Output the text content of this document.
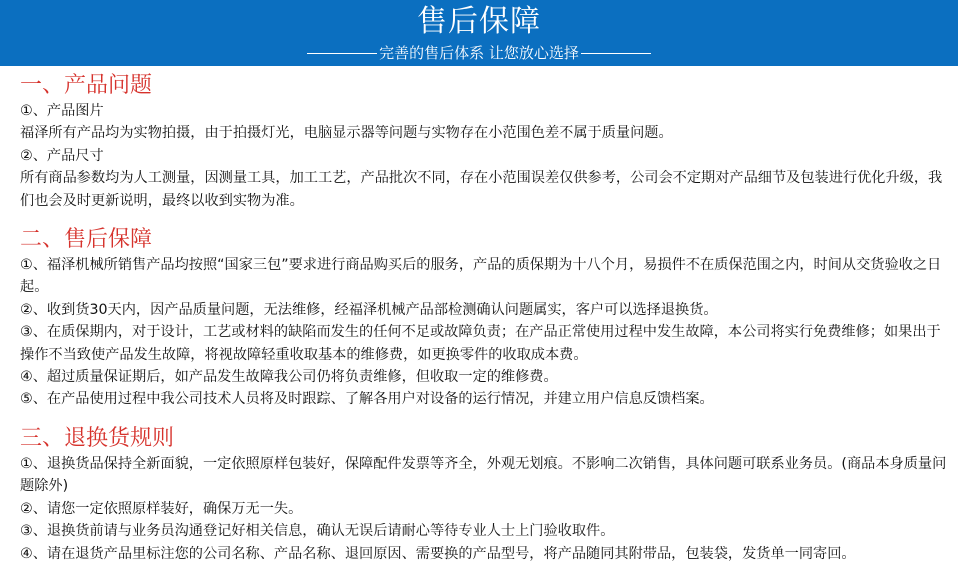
售后保障
完善的售后体系 让您放心选择
一、产品问题

①、产品图片

福泽所有产品均为实物拍摄，由于拍摄灯光，电脑显示器等问题与实物存在小范围色差不属于质量问题。

②、产品尺寸

所有商品参数均为人工测量，因测量工具，加工工艺，产品批次不同，存在小范围误差仅供参考，公司会不定期对产品细节及包装进行优化升级，我们也会及时更新说明，最终以收到实物为准。

二、售后保障

①、福泽机械所销售产品均按照“国家三包”要求进行商品购买后的服务，产品的质保期为十八个月，易损件不在质保范围之内，时间从交货验收之日起。

②、收到货30天内，因产品质量问题，无法维修，经福泽机械产品部检测确认问题属实，客户可以选择退换货。

③、在质保期内，对于设计，工艺或材料的缺陷而发生的任何不足或故障负责；在产品正常使用过程中发生故障，本公司将实行免费维修；如果出于操作不当致使产品发生故障，将视故障轻重收取基本的维修费，如更换零件的收取成本费。

④、超过质量保证期后，如产品发生故障我公司仍将负责维修，但收取一定的维修费。

⑤、在产品使用过程中我公司技术人员将及时跟踪、了解各用户对设备的运行情况，并建立用户信息反馈档案。

三、退换货规则

①、退换货品保持全新面貌，一定依照原样包装好，保障配件发票等齐全，外观无划痕。不影响二次销售，具体问题可联系业务员。(商品本身质量问题除外)

②、请您一定依照原样装好，确保万无一失。

③、退换货前请与业务员沟通登记好相关信息，确认无误后请耐心等待专业人士上门验收取件。

④、请在退货产品里标注您的公司名称、产品名称、退回原因、需要换的产品型号，将产品随同其附带品，包装袋，发货单一同寄回。
